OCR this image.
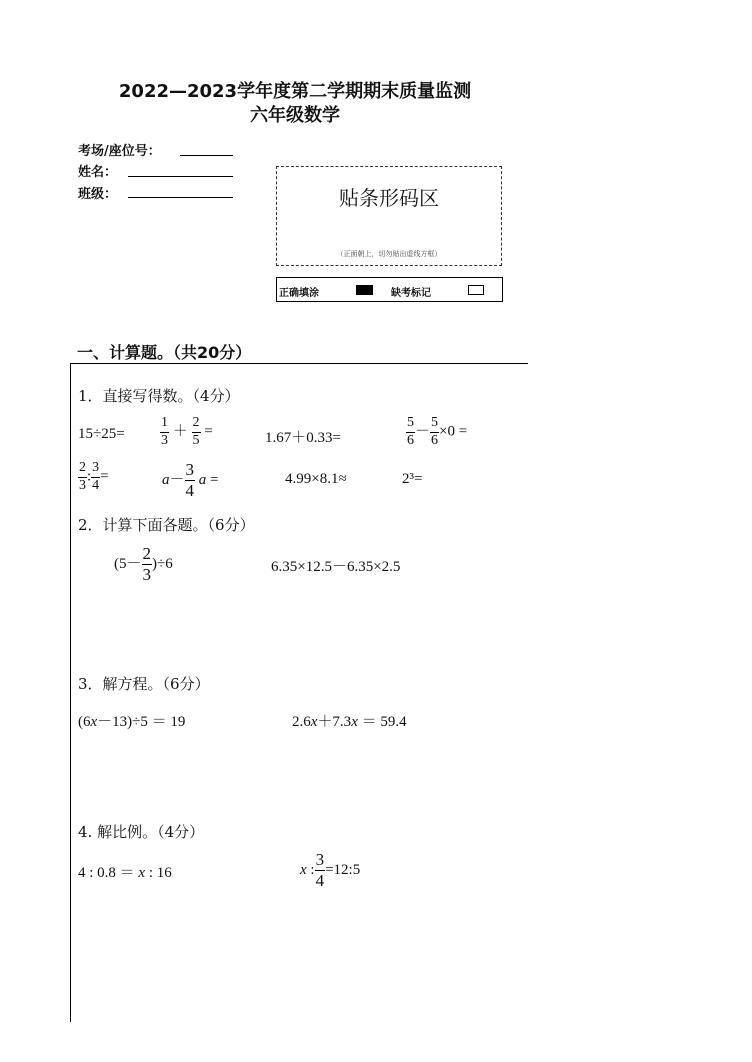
2022—2023学年度第二学期期末质量监测
六年级数学
考场/座位号：
姓名：
班级：	贴条形码区
（正面朝上，切勿贴出虚线方框）
正确填涂	缺考标记
一、计算题。（共20分）
1．直接写得数。（4分）
15÷25=	$\frac{1}{3} + \frac{2}{5}$ =	1.67＋0.33=	$\frac{5}{6} - \frac{5}{6} \times 0$ =
$\frac{2}{3}$ : $\frac{3}{4}$ =	$a- \frac{3}{4}$ a =	4.99×8.1≈	2³=
2．计算下面各题。（6分）
$(5- \frac{2}{3} )\div 6$	6.35×12.5－6.35×2.5
3．解方程。（6分）
(6x－13)÷5 ＝ 19	2.6x＋7.3x ＝ 59.4
4. 解比例。（4分）
4 : 0.8 ＝ x : 16	x : $\frac{3}{4}$ =12:5
